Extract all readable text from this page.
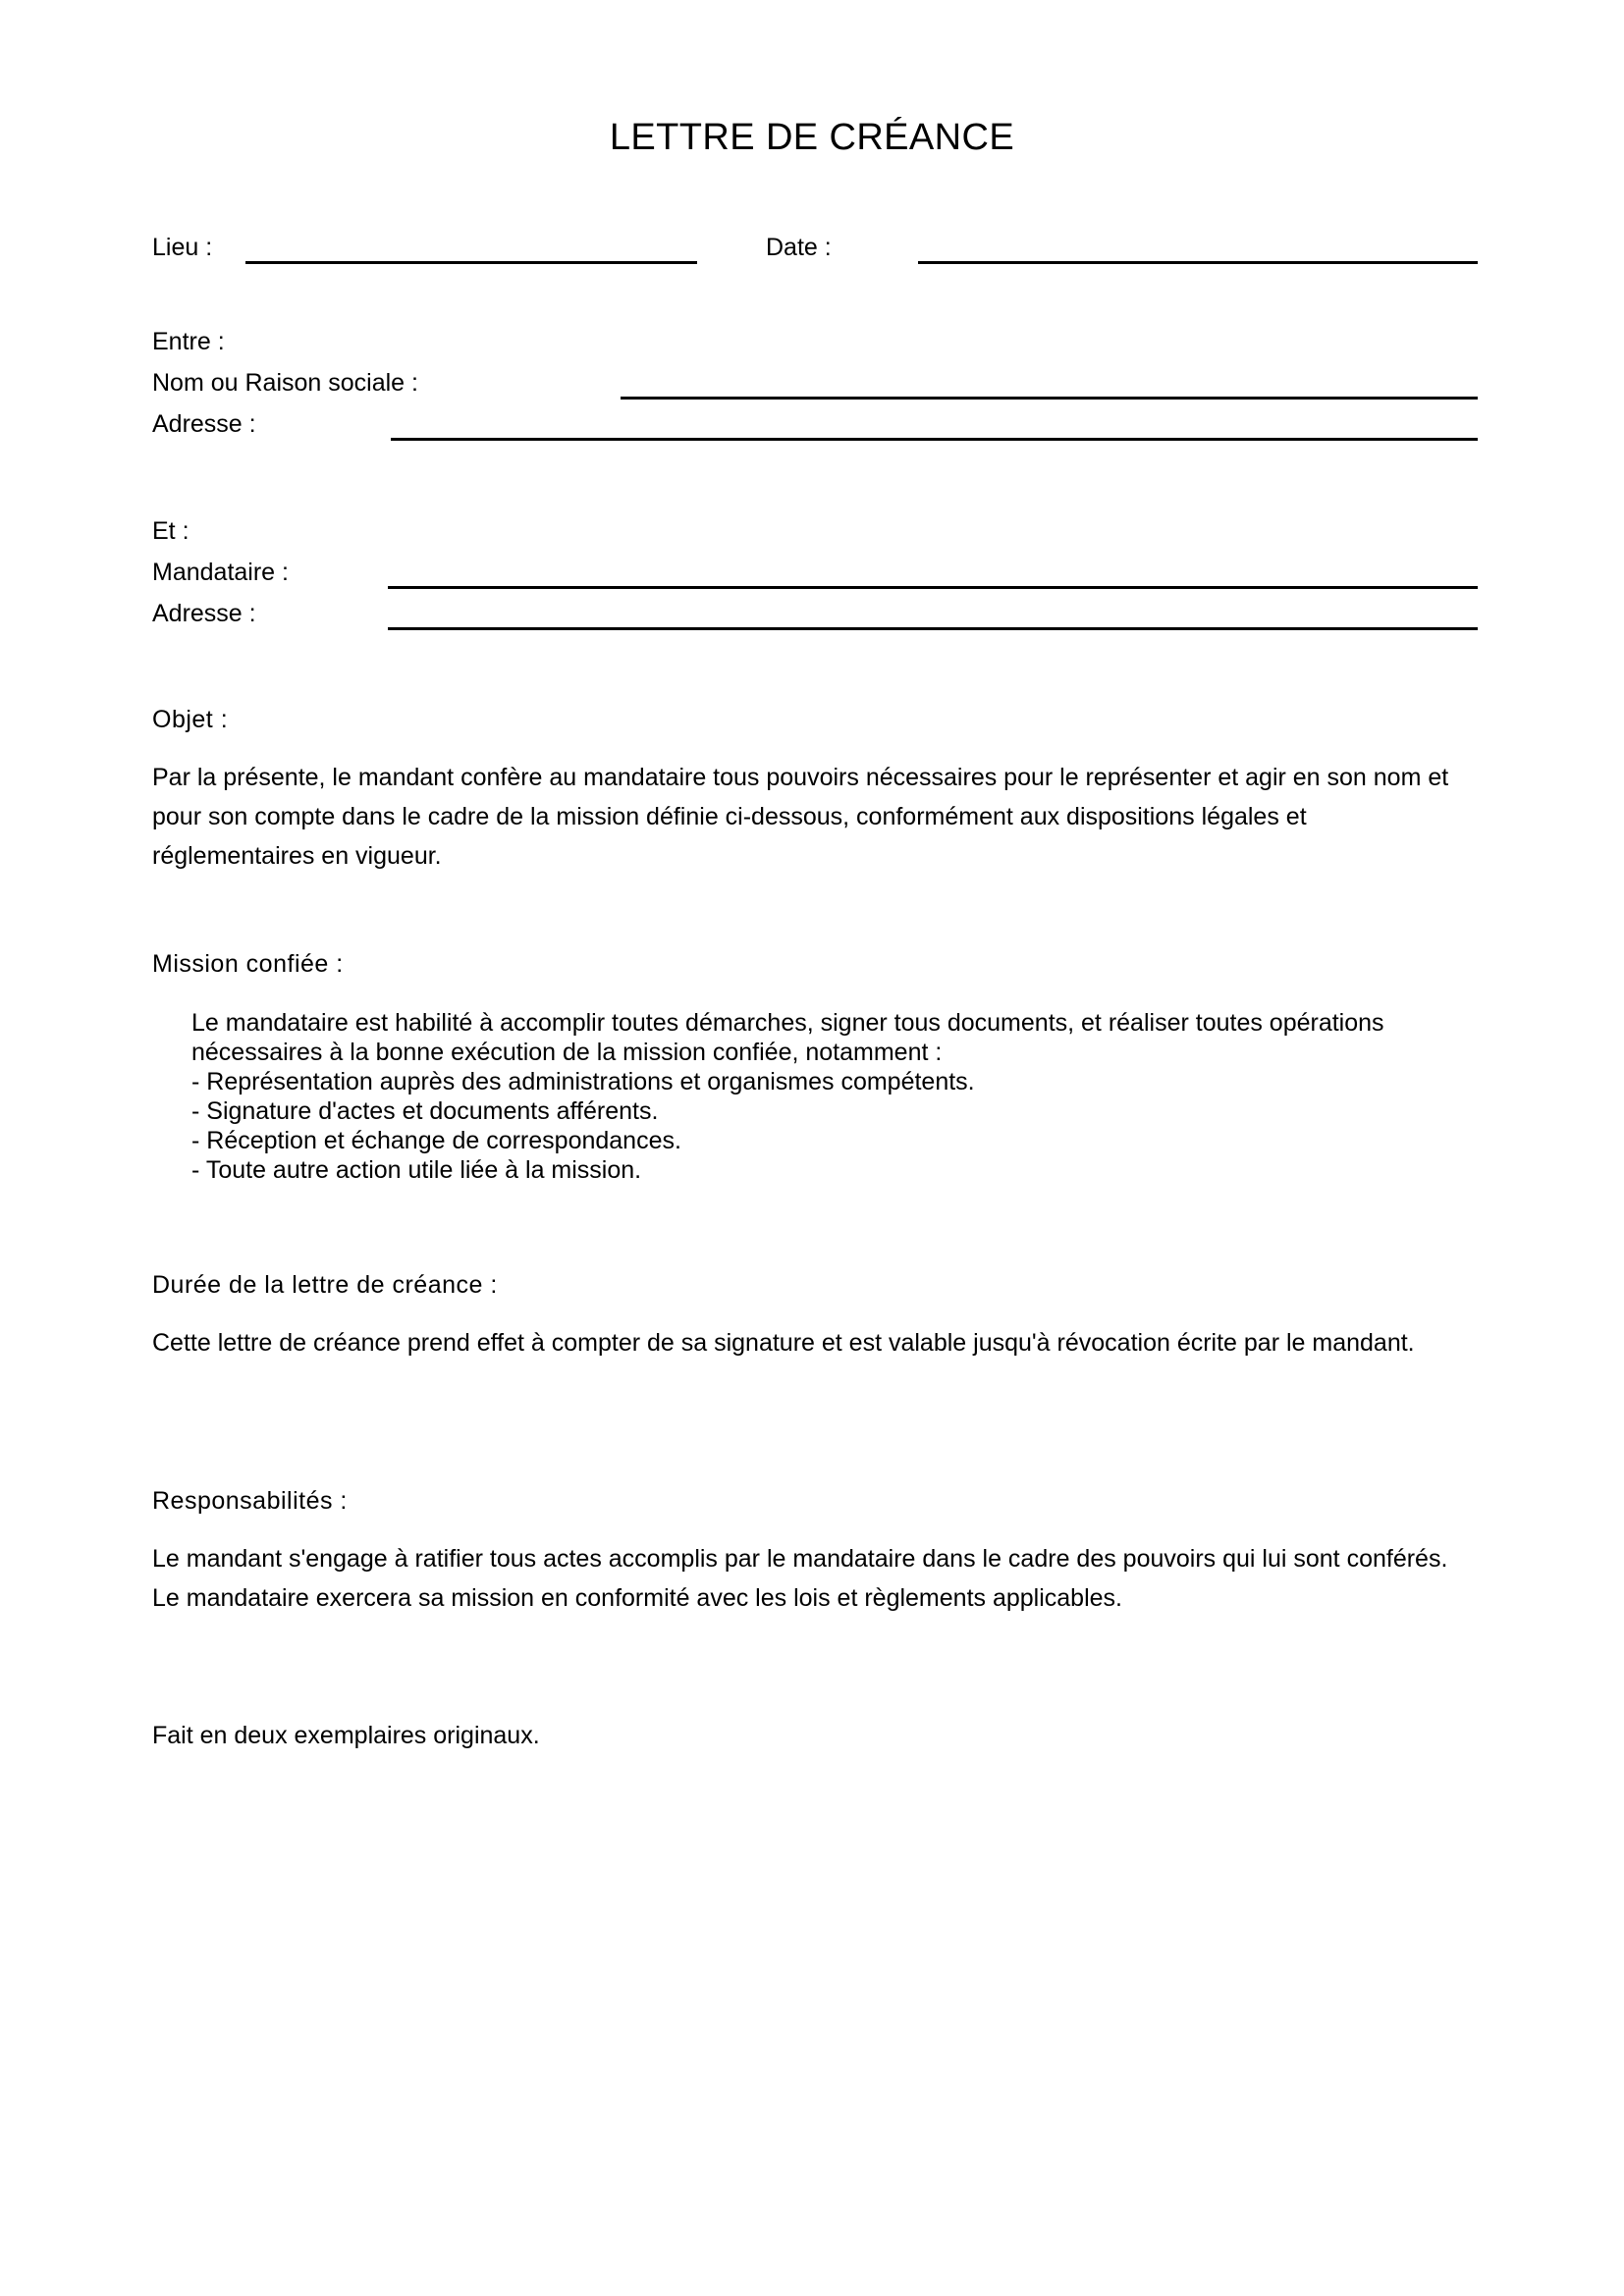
LETTRE DE CRÉANCE
Lieu :	Date :
Entre :
Nom ou Raison sociale :
Adresse :
Et :
Mandataire :
Adresse :

Objet :

Par la présente, le mandant confère au mandataire tous pouvoirs nécessaires pour le représenter et agir en son nom et pour son compte dans le cadre de la mission définie ci-dessous, conformément aux dispositions légales et réglementaires en vigueur.

Mission confiée :

Le mandataire est habilité à accomplir toutes démarches, signer tous documents, et réaliser toutes opérations nécessaires à la bonne exécution de la mission confiée, notamment :

- Représentation auprès des administrations et organismes compétents.
- Signature d'actes et documents afférents.
- Réception et échange de correspondances.
- Toute autre action utile liée à la mission.

Durée de la lettre de créance :

Cette lettre de créance prend effet à compter de sa signature et est valable jusqu'à révocation écrite par le mandant.

Responsabilités :

Le mandant s'engage à ratifier tous actes accomplis par le mandataire dans le cadre des pouvoirs qui lui sont conférés. Le mandataire exercera sa mission en conformité avec les lois et règlements applicables.

Fait en deux exemplaires originaux.
